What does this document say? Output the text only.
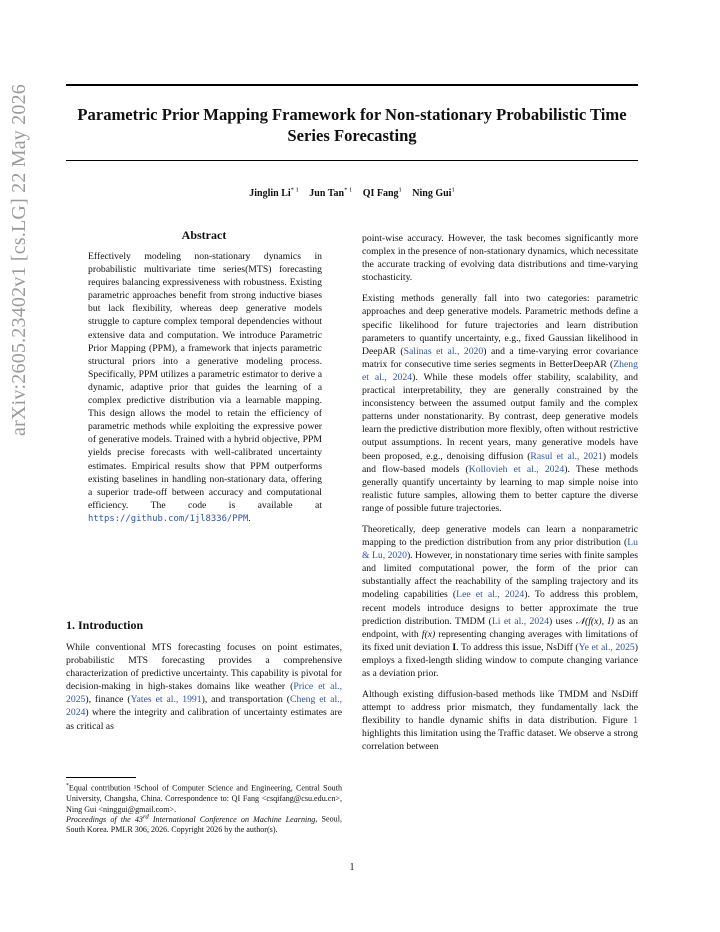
Parametric Prior Mapping Framework for Non-stationary Probabilistic Time Series Forecasting
Jinglin Li$^{* 1}$ Jun Tan$^{* 1}$ QI Fang$^1$ Ning Gui$^1$
arXiv:2605.23402v1 [cs.LG] 22 May 2026	Abstract
Effectively modeling non-stationary dynamics in probabilistic multivariate time series(MTS) forecasting requires balancing expressiveness with robustness. Existing parametric approaches benefit from strong inductive biases but lack flexibility, whereas deep generative models struggle to capture complex temporal dependencies without extensive data and computation. We introduce Parametric Prior Mapping (PPM), a framework that injects parametric structural priors into a generative modeling process. Specifically, PPM utilizes a parametric estimator to derive a dynamic, adaptive prior that guides the learning of a complex predictive distribution via a learnable mapping. This design allows the model to retain the efficiency of parametric methods while exploiting the expressive power of generative models. Trained with a hybrid objective, PPM yields precise forecasts with well-calibrated uncertainty estimates. Empirical results show that PPM outperforms existing baselines in handling non-stationary data, offering a superior trade-off between accuracy and computational efficiency. The code is available at https://github.com/1jl8336/PPM.
1. Introduction
While conventional MTS forecasting focuses on point estimates, probabilistic MTS forecasting provides a comprehensive characterization of predictive uncertainty. This capability is pivotal for decision-making in high-stakes domains like weather (Price et al., 2025), finance (Yates et al., 1991), and transportation (Cheng et al., 2024) where the integrity and calibration of uncertainty estimates are as critical as
*Equal contribution ¹School of Computer Science and Engineering, Central South University, Changsha, China. Correspondence to: QI Fang <csqifang@csu.edu.cn>, Ning Gui <ninggui@gmail.com>.
Proceedings of the 43rd International Conference on Machine Learning, Seoul, South Korea. PMLR 306, 2026. Copyright 2026 by the author(s).

point-wise accuracy. However, the task becomes significantly more complex in the presence of non-stationary dynamics, which necessitate the accurate tracking of evolving data distributions and time-varying stochasticity.

Existing methods generally fall into two categories: parametric approaches and deep generative models. Parametric methods define a specific likelihood for future trajectories and learn distribution parameters to quantify uncertainty, e.g., fixed Gaussian likelihood in DeepAR (Salinas et al., 2020) and a time-varying error covariance matrix for consecutive time series segments in BetterDeepAR (Zheng et al., 2024). While these models offer stability, scalability, and practical interpretability, they are generally constrained by the inconsistency between the assumed output family and the complex patterns under nonstationarity. By contrast, deep generative models learn the predictive distribution more flexibly, often without restrictive output assumptions. In recent years, many generative models have been proposed, e.g., denoising diffusion (Rasul et al., 2021) models and flow-based models (Kollovieh et al., 2024). These methods generally quantify uncertainty by learning to map simple noise into realistic future samples, allowing them to better capture the diverse range of possible future trajectories.

Theoretically, deep generative models can learn a nonparametric mapping to the prediction distribution from any prior distribution (Lu & Lu, 2020). However, in nonstationary time series with finite samples and limited computational power, the form of the prior can substantially affect the reachability of the sampling trajectory and its modeling capabilities (Lee et al., 2024). To address this problem, recent models introduce designs to better approximate the true prediction distribution. TMDM (Li et al., 2024) uses 𝒩(f(x), I) as an endpoint, with f(x) representing changing averages with limitations of its fixed unit deviation I. To address this issue, NsDiff (Ye et al., 2025) employs a fixed-length sliding window to compute changing variance as a deviation prior.

Although existing diffusion-based methods like TMDM and NsDiff attempt to address prior mismatch, they fundamentally lack the flexibility to handle dynamic shifts in data distribution. Figure 1 highlights this limitation using the Traffic dataset. We observe a strong correlation between

1
